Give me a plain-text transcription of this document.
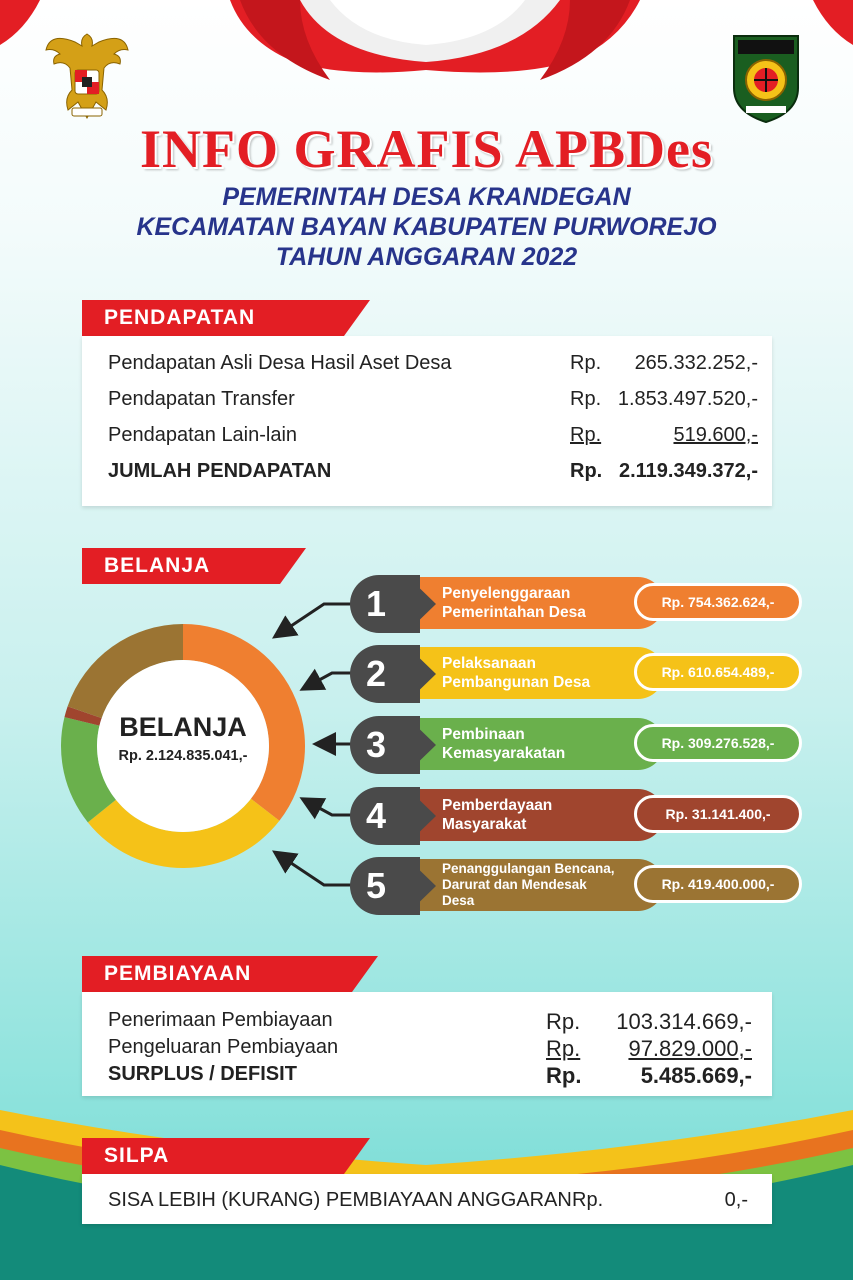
INFO GRAFIS APBDes
PEMERINTAH DESA KRANDEGAN
KECAMATAN BAYAN KABUPATEN PURWOREJO
TAHUN ANGGARAN 2022
PENDAPATAN
Pendapatan Asli Desa Hasil Aset Desa	Rp. 265.332.252,-
Pendapatan Transfer	Rp. 1.853.497.520,-
Pendapatan Lain-lain	Rp.	519.600,-
JUMLAH PENDAPATAN	Rp. 2.119.349.372,-
BELANJA
BELANJA
Rp. 2.124.835.041,-
Penyelenggaraan
Pemerintahan Desa
1	Rp. 754.362.624,-
Pelaksanaan
Pembangunan Desa
2	Rp. 610.654.489,-
Pembinaan
Kemasyarakatan
3	Rp. 309.276.528,-
Pemberdayaan
Masyarakat
4	Rp. 31.141.400,-
Penanggulangan Bencana,
Darurat dan Mendesak
Desa
5	Rp. 419.400.000,-
PEMBIAYAAN
Penerimaan Pembiayaan	Rp. 103.314.669,-
Pengeluaran Pembiayaan	Rp.	97.829.000,-
SURPLUS / DEFISIT	Rp.	5.485.669,-
SILPA
SISA LEBIH (KURANG) PEMBIAYAAN ANGGARAN Rp.	0,-
